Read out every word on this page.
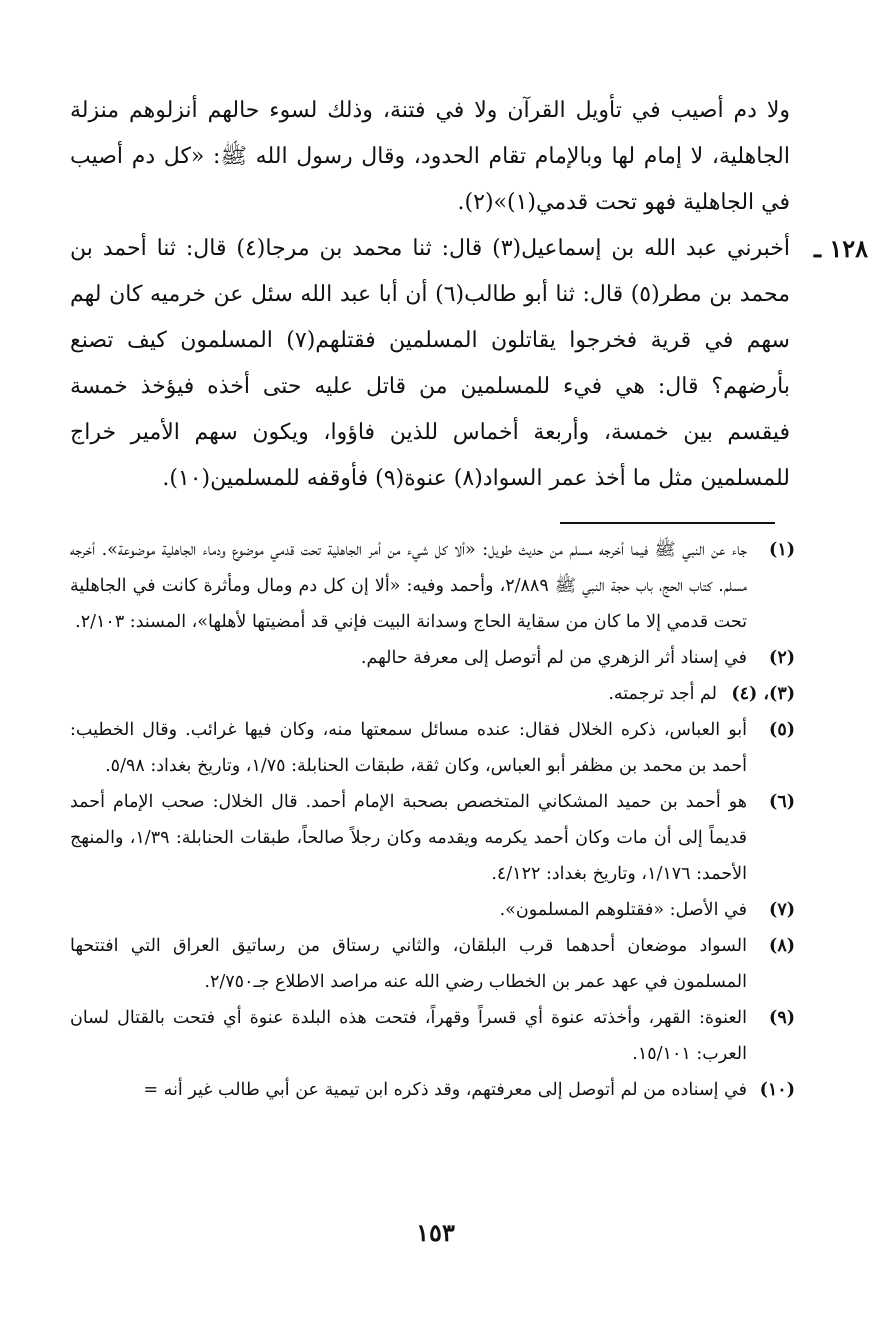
ولا دم أصيب في تأويل القرآن ولا في فتنة، وذلك لسوء حالهم أنزلوهم منزلة الجاهلية، لا إمام لها وبالإمام تقام الحدود، وقال رسول الله ﷺ: «كل دم أصيب في الجاهلية فهو تحت قدمي(١)»(٢).

١٢٨ ـ

أخبرني عبد الله بن إسماعيل(٣) قال: ثنا محمد بن مرجا(٤) قال: ثنا أحمد بن محمد بن مطر(٥) قال: ثنا أبو طالب(٦) أن أبا عبد الله سئل عن خرميه كان لهم سهم في قرية فخرجوا يقاتلون المسلمين فقتلهم(٧) المسلمون كيف تصنع بأرضهم؟ قال: هي فيء للمسلمين من قاتل عليه حتى أخذه فيؤخذ خمسة فيقسم بين خمسة، وأربعة أخماس للذين فاؤوا، ويكون سهم الأمير خراج للمسلمين مثل ما أخذ عمر السواد(٨) عنوة(٩) فأوقفه للمسلمين(١٠).

(١)
جاء عن النبي ﷺ فيما أخرجه مسلم من حديث طويل: «ألا كل شيء من أمر الجاهلية تحت قدمي موضوع ودماء الجاهلية موضوعة». أخرجه مسلم. كتاب الحج، باب حجة النبي ﷺ ٢/٨٨٩، وأحمد وفيه: «ألا إن كل دم ومال ومأثرة كانت في الجاهلية تحت قدمي إلا ما كان من سقاية الحاج وسدانة البيت فإني قد أمضيتها لأهلها»، المسند: ٢/١٠٣.
(٢)
في إسناد أثر الزهري من لم أتوصل إلى معرفة حالهم.
(٣)، (٤)
لم أجد ترجمته.
(٥)
أبو العباس، ذكره الخلال فقال: عنده مسائل سمعتها منه، وكان فيها غرائب. وقال الخطيب: أحمد بن محمد بن مظفر أبو العباس، وكان ثقة، طبقات الحنابلة: ١/٧٥، وتاريخ بغداد: ٥/٩٨.
(٦)
هو أحمد بن حميد المشكاني المتخصص بصحبة الإمام أحمد. قال الخلال: صحب الإمام أحمد قديماً إلى أن مات وكان أحمد يكرمه ويقدمه وكان رجلاً صالحاً، طبقات الحنابلة: ١/٣٩، والمنهج الأحمد: ١/١٧٦، وتاريخ بغداد: ٤/١٢٢.
(٧)
في الأصل: «فقتلوهم المسلمون».
(٨)
السواد موضعان أحدهما قرب البلقان، والثاني رستاق من رساتيق العراق التي افتتحها المسلمون في عهد عمر بن الخطاب رضي الله عنه مراصد الاطلاع جـ٢/٧٥٠.
(٩)
العنوة: القهر، وأخذته عنوة أي قسراً وقهراً، فتحت هذه البلدة عنوة أي فتحت بالقتال لسان العرب: ١٥/١٠١.
(١٠)
في إسناده من لم أتوصل إلى معرفتهم، وقد ذكره ابن تيمية عن أبي طالب غير أنه =
١٥٣
